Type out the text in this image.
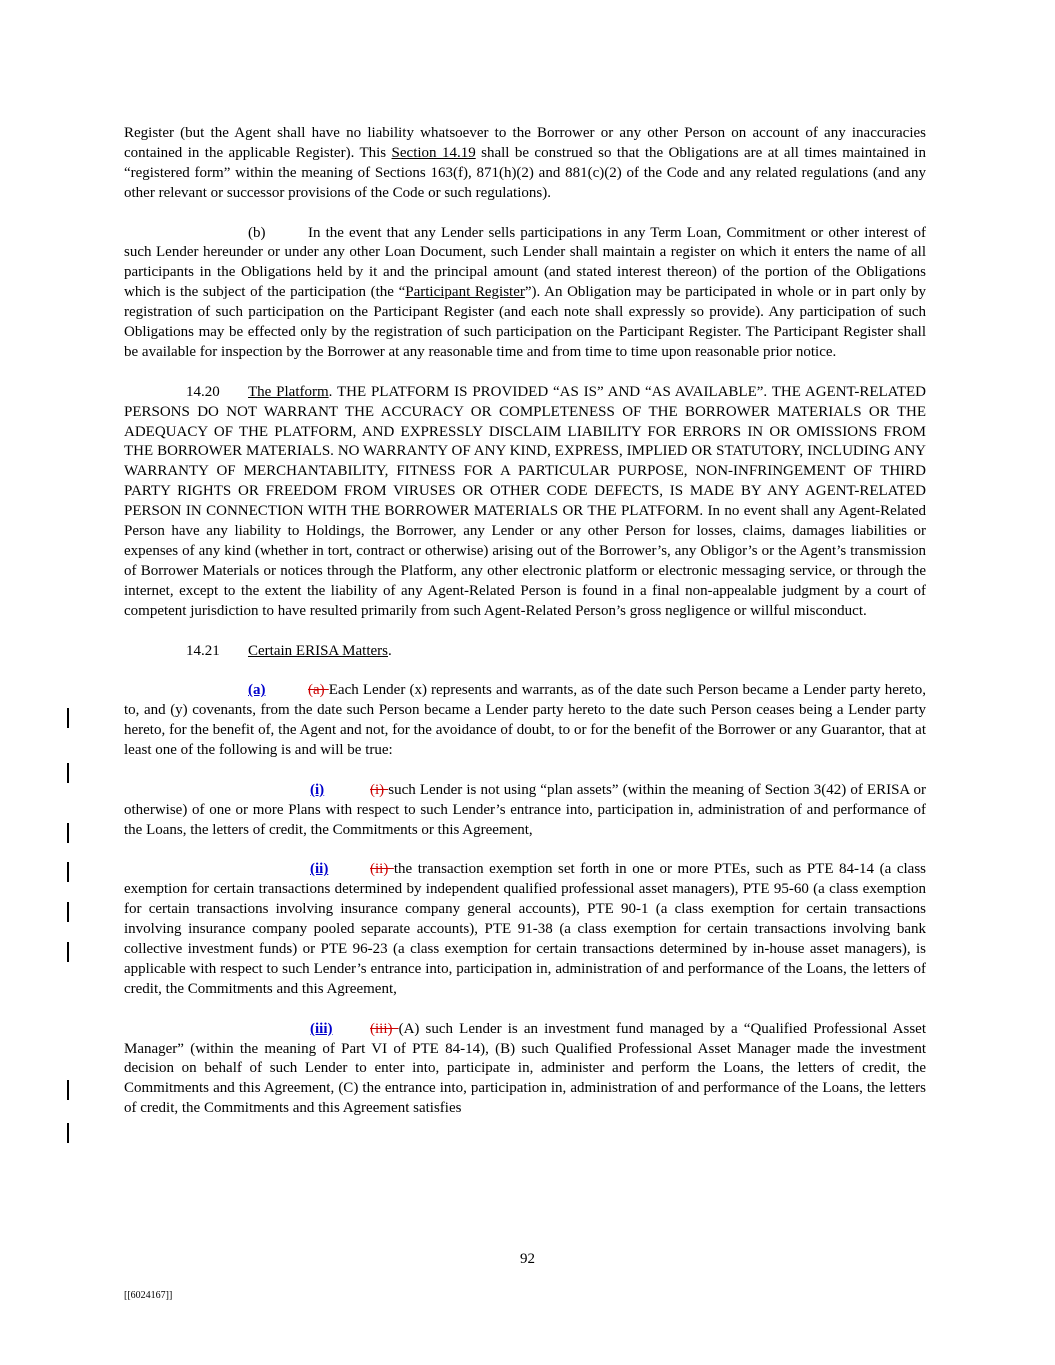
Register (but the Agent shall have no liability whatsoever to the Borrower or any other Person on account of any inaccuracies contained in the applicable Register). This Section 14.19 shall be construed so that the Obligations are at all times maintained in “registered form” within the meaning of Sections 163(f), 871(h)(2) and 881(c)(2) of the Code and any related regulations (and any other relevant or successor provisions of the Code or such regulations).

(b)	In the event that any Lender sells participations in any Term Loan, Commitment or other interest of such Lender hereunder or under any other Loan Document, such Lender shall maintain a register on which it enters the name of all participants in the Obligations held by it and the principal amount (and stated interest thereon) of the portion of the Obligations which is the subject of the participation (the “Participant Register”). An Obligation may be participated in whole or in part only by registration of such participation on the Participant Register (and each note shall expressly so provide). Any participation of such Obligations may be effected only by the registration of such participation on the Participant Register. The Participant Register shall be available for inspection by the Borrower at any reasonable time and from time to time upon reasonable prior notice.

14.20 The Platform. THE PLATFORM IS PROVIDED “AS IS” AND “AS AVAILABLE”. THE AGENT-RELATED PERSONS DO NOT WARRANT THE ACCURACY OR COMPLETENESS OF THE BORROWER MATERIALS OR THE ADEQUACY OF THE PLATFORM, AND EXPRESSLY DISCLAIM LIABILITY FOR ERRORS IN OR OMISSIONS FROM THE BORROWER MATERIALS. NO WARRANTY OF ANY KIND, EXPRESS, IMPLIED OR STATUTORY, INCLUDING ANY WARRANTY OF MERCHANTABILITY, FITNESS FOR A PARTICULAR PURPOSE, NON-INFRINGEMENT OF THIRD PARTY RIGHTS OR FREEDOM FROM VIRUSES OR OTHER CODE DEFECTS, IS MADE BY ANY AGENT-RELATED PERSON IN CONNECTION WITH THE BORROWER MATERIALS OR THE PLATFORM. In no event shall any Agent-Related Person have any liability to Holdings, the Borrower, any Lender or any other Person for losses, claims, damages liabilities or expenses of any kind (whether in tort, contract or otherwise) arising out of the Borrower’s, any Obligor’s or the Agent’s transmission of Borrower Materials or notices through the Platform, any other electronic platform or electronic messaging service, or through the internet, except to the extent the liability of any Agent-Related Person is found in a final non-appealable judgment by a court of competent jurisdiction to have resulted primarily from such Agent-Related Person’s gross negligence or willful misconduct.

14.21 Certain ERISA Matters.

(a)	(a) Each Lender (x) represents and warrants, as of the date such Person became a Lender party hereto, to, and (y) covenants, from the date such Person became a Lender party hereto to the date such Person ceases being a Lender party hereto, for the benefit of, the Agent and not, for the avoidance of doubt, to or for the benefit of the Borrower or any Guarantor, that at least one of the following is and will be true:

(i)	(i) such Lender is not using “plan assets” (within the meaning of Section 3(42) of ERISA or otherwise) of one or more Plans with respect to such Lender’s entrance into, participation in, administration of and performance of the Loans, the letters of credit, the Commitments or this Agreement,

(ii)	(ii) the transaction exemption set forth in one or more PTEs, such as PTE 84-14 (a class exemption for certain transactions determined by independent qualified professional asset managers), PTE 95-60 (a class exemption for certain transactions involving insurance company general accounts), PTE 90-1 (a class exemption for certain transactions involving insurance company pooled separate accounts), PTE 91-38 (a class exemption for certain transactions involving bank collective investment funds) or PTE 96-23 (a class exemption for certain transactions determined by in-house asset managers), is applicable with respect to such Lender’s entrance into, participation in, administration of and performance of the Loans, the letters of credit, the Commitments and this Agreement,

(iii)	(iii) (A) such Lender is an investment fund managed by a “Qualified Professional Asset Manager” (within the meaning of Part VI of PTE 84-14), (B) such Qualified Professional Asset Manager made the investment decision on behalf of such Lender to enter into, participate in, administer and perform the Loans, the letters of credit, the Commitments and this Agreement, (C) the entrance into, participation in, administration of and performance of the Loans, the letters of credit, the Commitments and this Agreement satisfies

92
[[6024167]]
